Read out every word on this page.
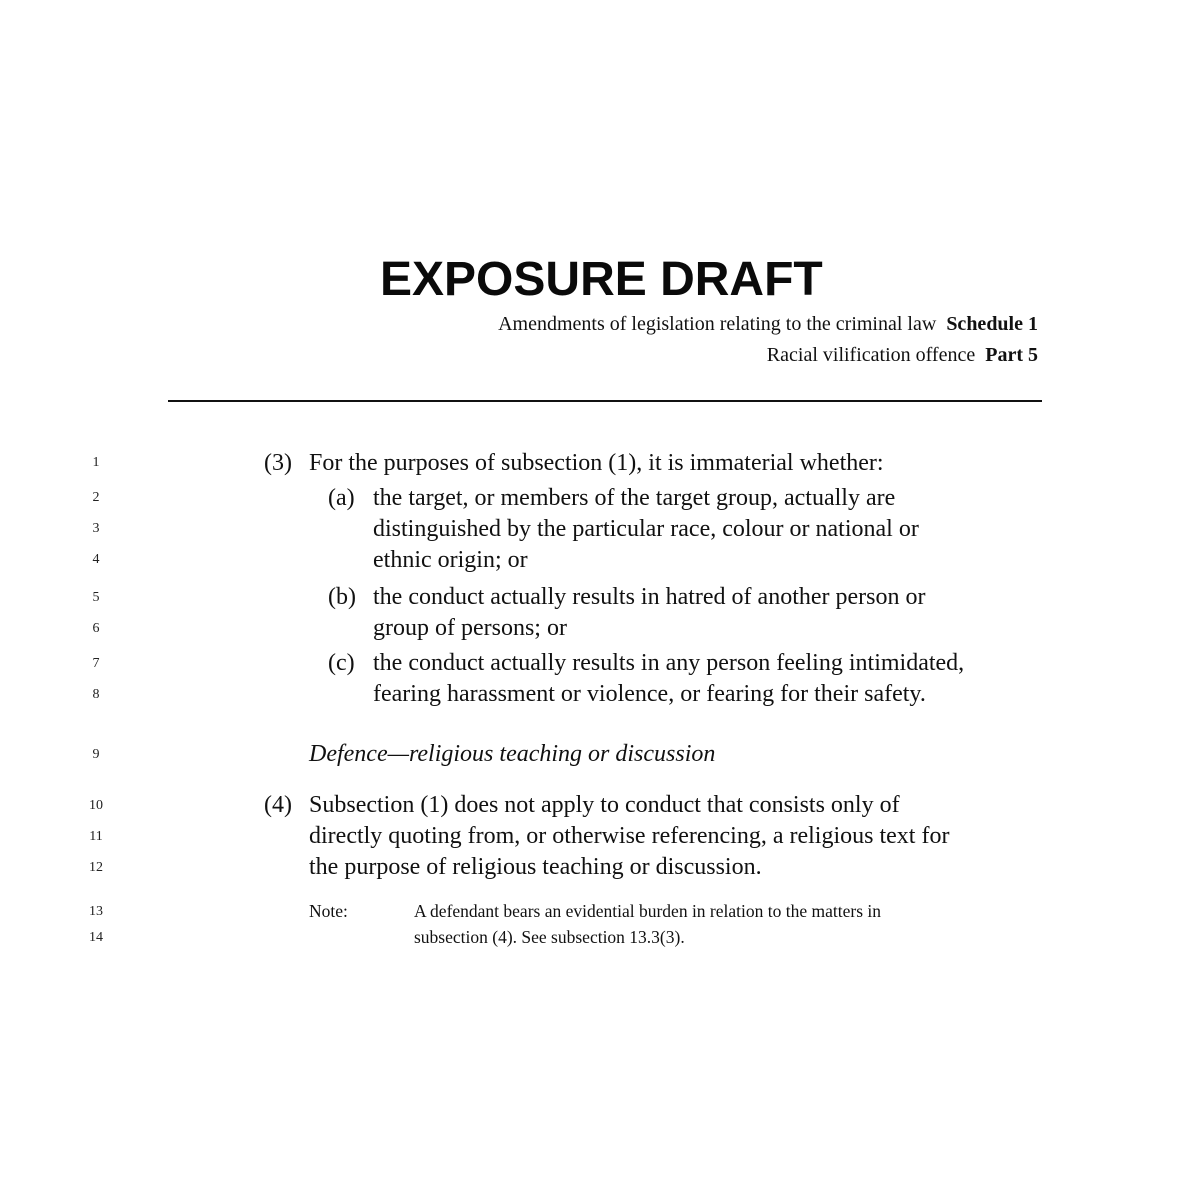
EXPOSURE DRAFT
Amendments of legislation relating to the criminal law Schedule 1
Racial vilification offence Part 5
1
2
3
4
5
6
7
8
9
10
11
12
13
14
(3) For the purposes of subsection (1), it is immaterial whether:
(a) the target, or members of the target group, actually are
distinguished by the particular race, colour or national or
ethnic origin; or
(b) the conduct actually results in hatred of another person or
group of persons; or
(c) the conduct actually results in any person feeling intimidated,
fearing harassment or violence, or fearing for their safety.
Defence—religious teaching or discussion
(4) Subsection (1) does not apply to conduct that consists only of
directly quoting from, or otherwise referencing, a religious text for
the purpose of religious teaching or discussion.
Note:	A defendant bears an evidential burden in relation to the matters in
subsection (4). See subsection 13.3(3).
